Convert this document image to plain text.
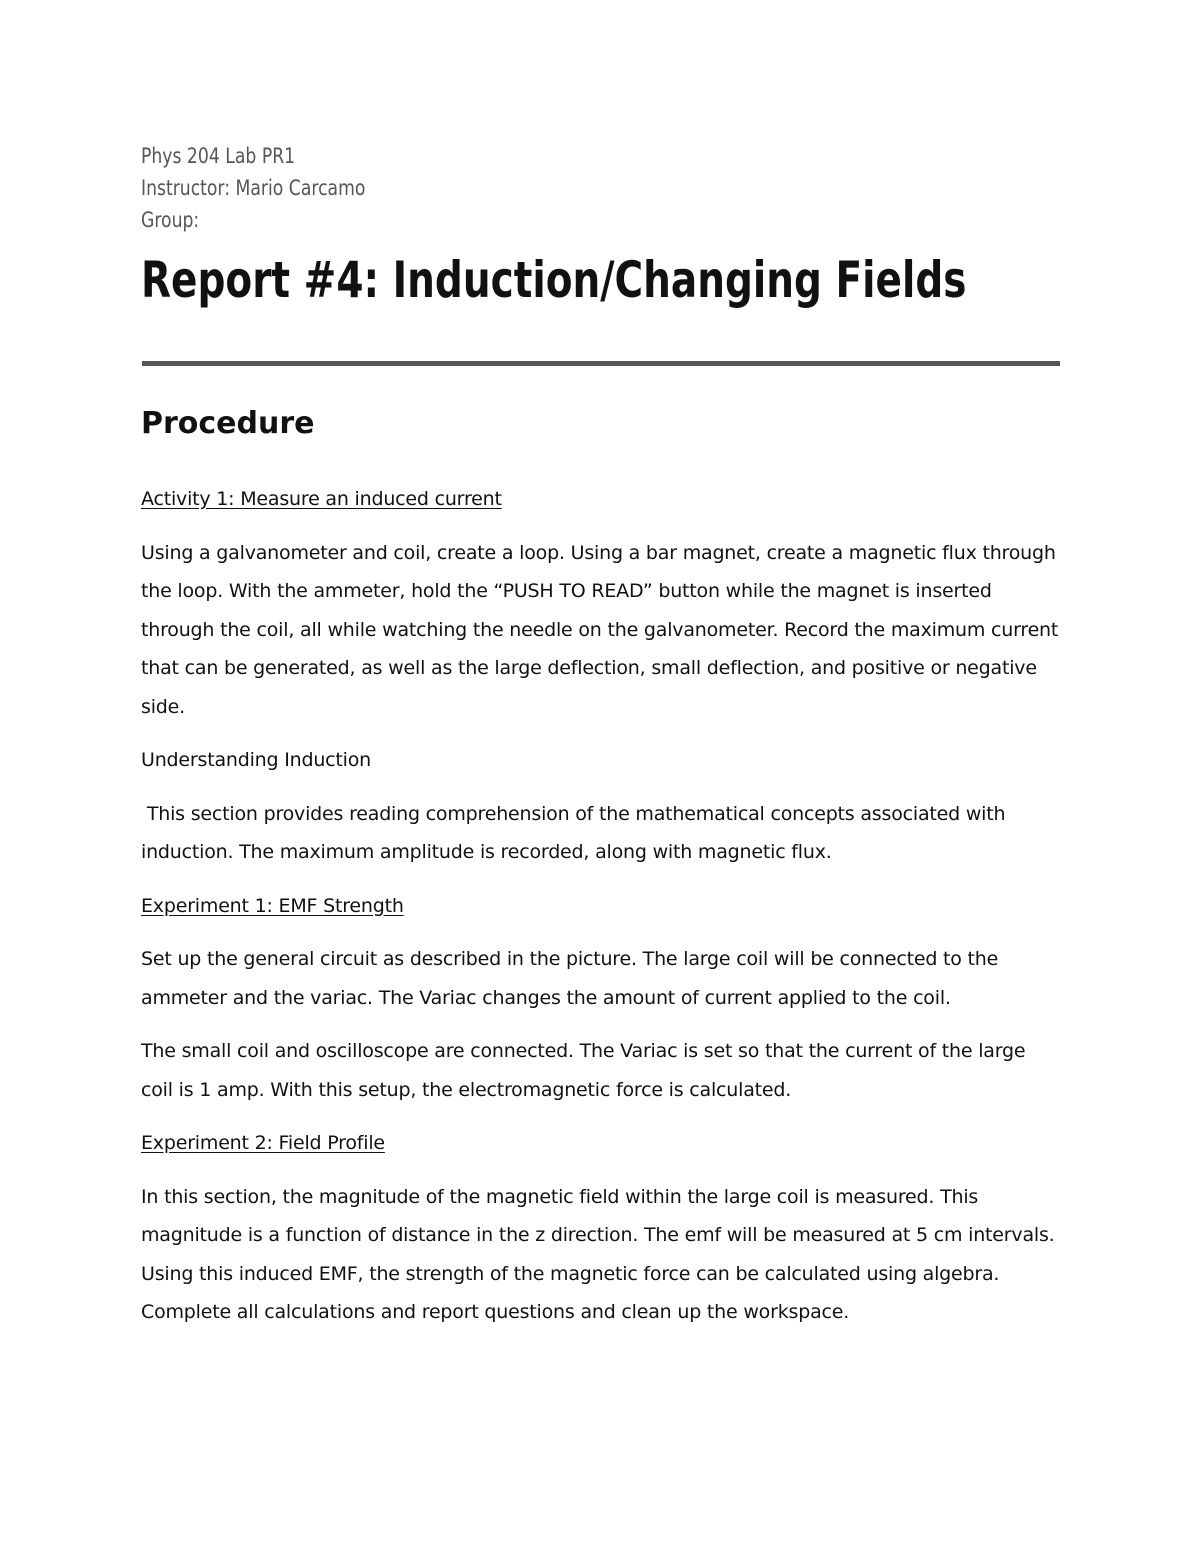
Phys 204 Lab PR1
Instructor: Mario Carcamo
Group:
Report #4: Induction/Changing Fields
Procedure

Activity 1: Measure an induced current

Using a galvanometer and coil, create a loop. Using a bar magnet, create a magnetic flux through the loop. With the ammeter, hold the “PUSH TO READ” button while the magnet is inserted through the coil, all while watching the needle on the galvanometer. Record the maximum current that can be generated, as well as the large deflection, small deflection, and positive or negative side.

Understanding Induction

This section provides reading comprehension of the mathematical concepts associated with induction. The maximum amplitude is recorded, along with magnetic flux.

Experiment 1: EMF Strength

Set up the general circuit as described in the picture. The large coil will be connected to the ammeter and the variac. The Variac changes the amount of current applied to the coil.

The small coil and oscilloscope are connected. The Variac is set so that the current of the large coil is 1 amp. With this setup, the electromagnetic force is calculated.

Experiment 2: Field Profile

In this section, the magnitude of the magnetic field within the large coil is measured. This magnitude is a function of distance in the z direction. The emf will be measured at 5 cm intervals. Using this induced EMF, the strength of the magnetic force can be calculated using algebra. Complete all calculations and report questions and clean up the workspace.
